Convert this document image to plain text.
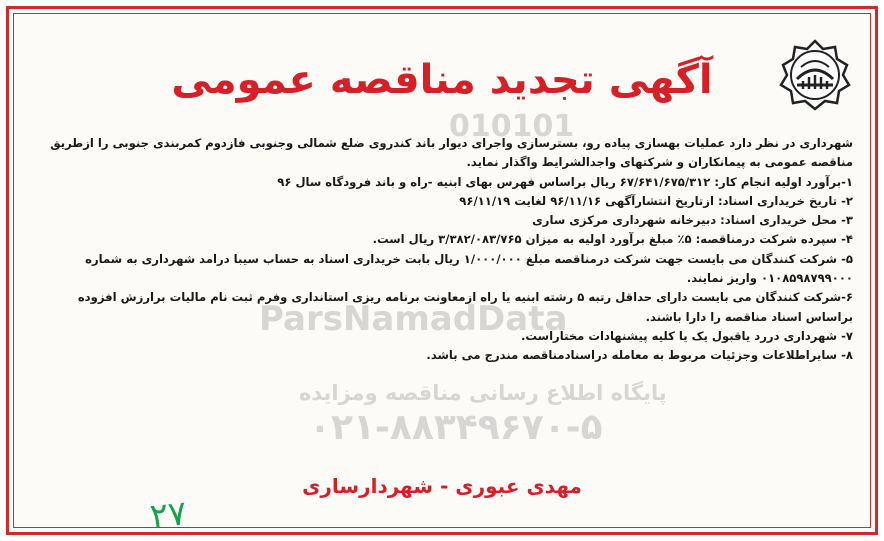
آگهی تجدید مناقصه عمومی
010101
ParsNamadData
پایگاه اطلاع رسانی مناقصه ومزایده
۰۲۱-۸۸۳۴۹۶۷۰-۵

شهرداری در نظر دارد عملیات بهسازی پیاده رو، بسترسازی واجرای دیوار باند کندروی ضلع شمالی وجنوبی فازدوم کمربندی جنوبی را ازطریق مناقصه عمومی به پیمانکاران و شرکتهای واجدالشرایط واگذار نماید.

۱-برآورد اولیه انجام کار: ۶۷/۶۴۱/۶۷۵/۳۱۲ ریال براساس فهرس بهای ابنیه -راه و باند فرودگاه سال ۹۶

۲- تاریخ خریداری اسناد: ازتاریخ انتشارآگهی ۹۶/۱۱/۱۶ لغایت ۹۶/۱۱/۱۹

۳- محل خریداری اسناد: دبیرخانه شهرداری مرکزی ساری

۴- سپرده شرکت درمناقصه: ۵٪ مبلغ برآورد اولیه به میزان ۳/۳۸۲/۰۸۳/۷۶۵ ریال است.

۵- شرکت کنندگان می بایست جهت شرکت درمناقصه مبلغ ۱/۰۰۰/۰۰۰ ریال بابت خریداری اسناد به حساب سیبا درامد شهرداری به شماره ۰۱۰۸۵۹۸۷۹۹۰۰۰ واریز نمایند.

۶-شرکت کنندگان می بایست دارای حداقل رتبه ۵ رشته ابنیه یا راه ازمعاونت برنامه ریزی استانداری وفرم ثبت نام مالیات برارزش افزوده براساس اسناد مناقصه را دارا باشند.

۷- شهرداری دررد یاقبول یک یا کلیه پیشنهادات مختاراست.

۸- سایراطلاعات وجزئیات مربوط به معامله دراسنادمناقصه مندرج می باشد.

مهدی عبوری - شهردارساری
۲۷
